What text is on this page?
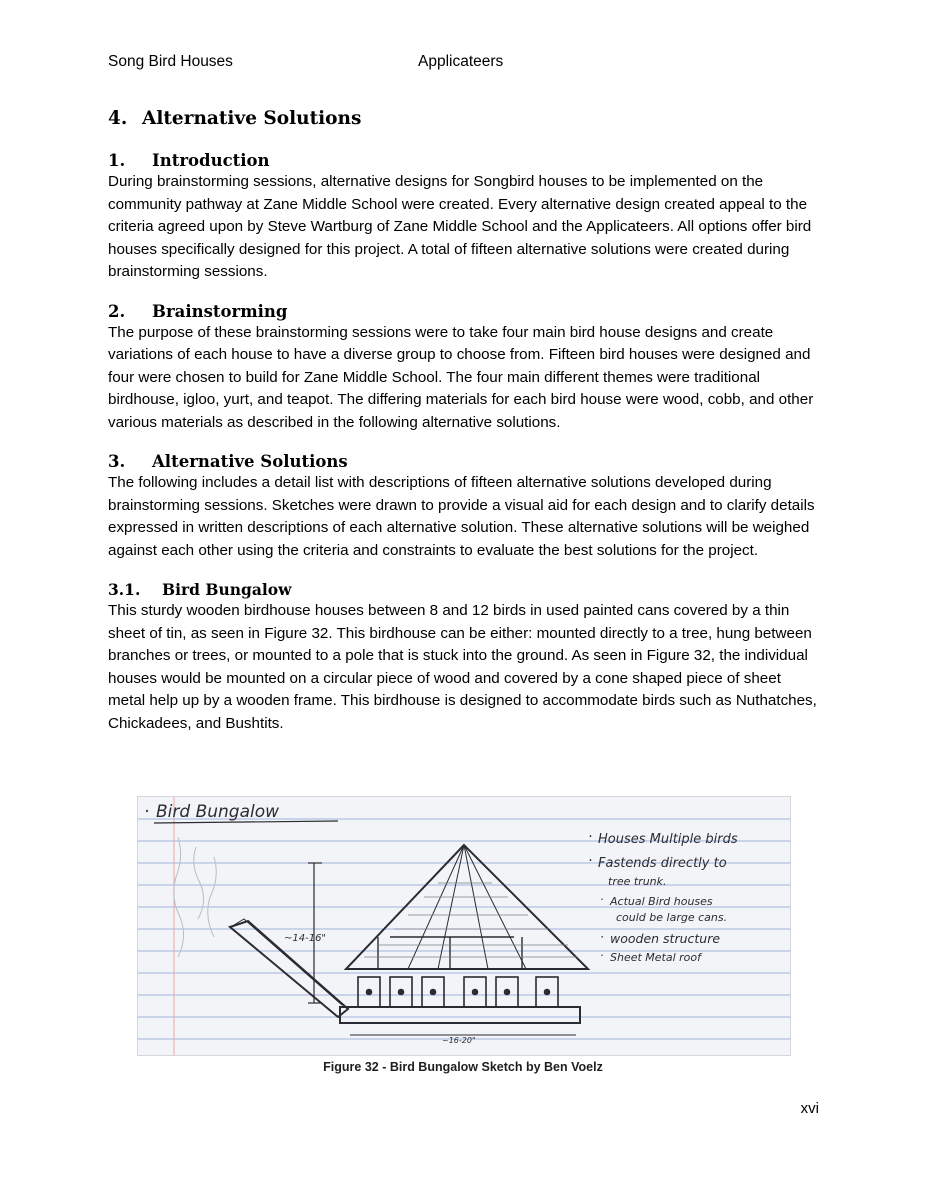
Song Bird Houses	Applicateers
4. Alternative Solutions
1.	Introduction

During brainstorming sessions, alternative designs for Songbird houses to be implemented on the community pathway at Zane Middle School were created. Every alternative design created appeal to the criteria agreed upon by Steve Wartburg of Zane Middle School and the Applicateers. All options offer bird houses specifically designed for this project. A total of fifteen alternative solutions were created during brainstorming sessions.

2.	Brainstorming

The purpose of these brainstorming sessions were to take four main bird house designs and create variations of each house to have a diverse group to choose from. Fifteen bird houses were designed and four were chosen to build for Zane Middle School. The four main different themes were traditional birdhouse, igloo, yurt, and teapot. The differing materials for each bird house were wood, cobb, and other various materials as described in the following alternative solutions.

3.	Alternative Solutions

The following includes a detail list with descriptions of fifteen alternative solutions developed during brainstorming sessions. Sketches were drawn to provide a visual aid for each design and to clarify details expressed in written descriptions of each alternative solution. These alternative solutions will be weighed against each other using the criteria and constraints to evaluate the best solutions for the project.

3.1.	Bird Bungalow

This sturdy wooden birdhouse houses between 8 and 12 birds in used painted cans covered by a thin sheet of tin, as seen in Figure 32. This birdhouse can be either: mounted directly to a tree, hung between branches or trees, or mounted to a pole that is stuck into the ground. As seen in Figure 32, the individual houses would be mounted on a circular piece of wood and covered by a cone shaped piece of sheet metal help up by a wooden frame. This birdhouse is designed to accommodate birds such as Nuthatches, Chickadees, and Bushtits.

· Bird Bungalow
~14-16"
~16-20"
· Houses Multiple birds
· Fastends directly to
tree trunk.
· Actual Bird houses
could be large cans.
· wooden structure
· Sheet Metal roof
Figure 32 - Bird Bungalow Sketch by Ben Voelz
xvi
